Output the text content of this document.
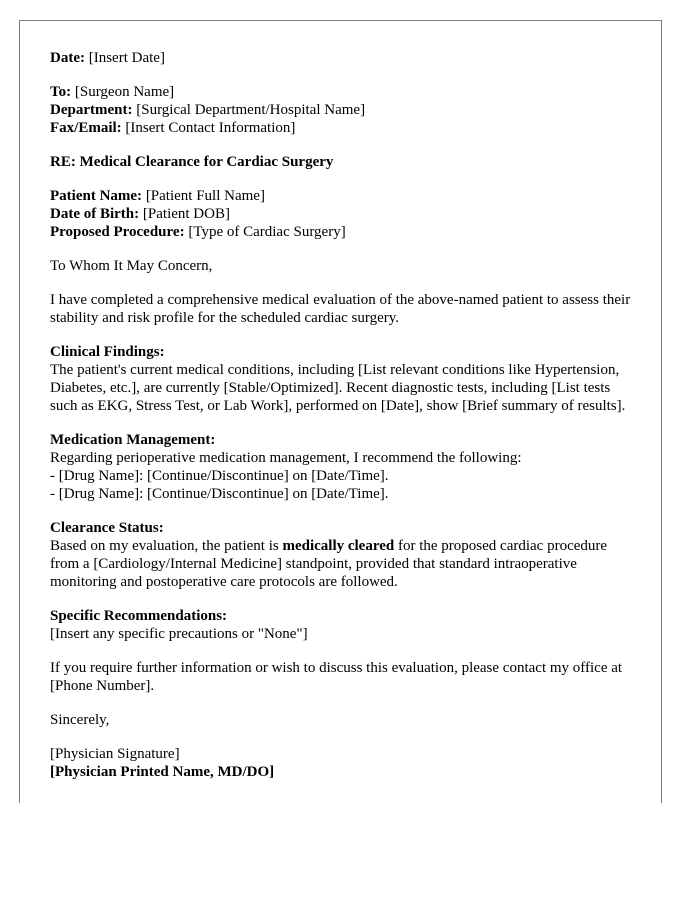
Date: [Insert Date]
To: [Surgeon Name]
Department: [Surgical Department/Hospital Name]
Fax/Email: [Insert Contact Information]
RE: Medical Clearance for Cardiac Surgery
Patient Name: [Patient Full Name]
Date of Birth: [Patient DOB]
Proposed Procedure: [Type of Cardiac Surgery]
To Whom It May Concern,
I have completed a comprehensive medical evaluation of the above-named patient to assess their stability and risk profile for the scheduled cardiac surgery.
Clinical Findings:
The patient's current medical conditions, including [List relevant conditions like Hypertension, Diabetes, etc.], are currently [Stable/Optimized]. Recent diagnostic tests, including [List tests such as EKG, Stress Test, or Lab Work], performed on [Date], show [Brief summary of results].
Medication Management:
Regarding perioperative medication management, I recommend the following:
- [Drug Name]: [Continue/Discontinue] on [Date/Time].
- [Drug Name]: [Continue/Discontinue] on [Date/Time].
Clearance Status:
Based on my evaluation, the patient is medically cleared for the proposed cardiac procedure from a [Cardiology/Internal Medicine] standpoint, provided that standard intraoperative monitoring and postoperative care protocols are followed.
Specific Recommendations:
[Insert any specific precautions or "None"]
If you require further information or wish to discuss this evaluation, please contact my office at [Phone Number].
Sincerely,
[Physician Signature]
[Physician Printed Name, MD/DO]
